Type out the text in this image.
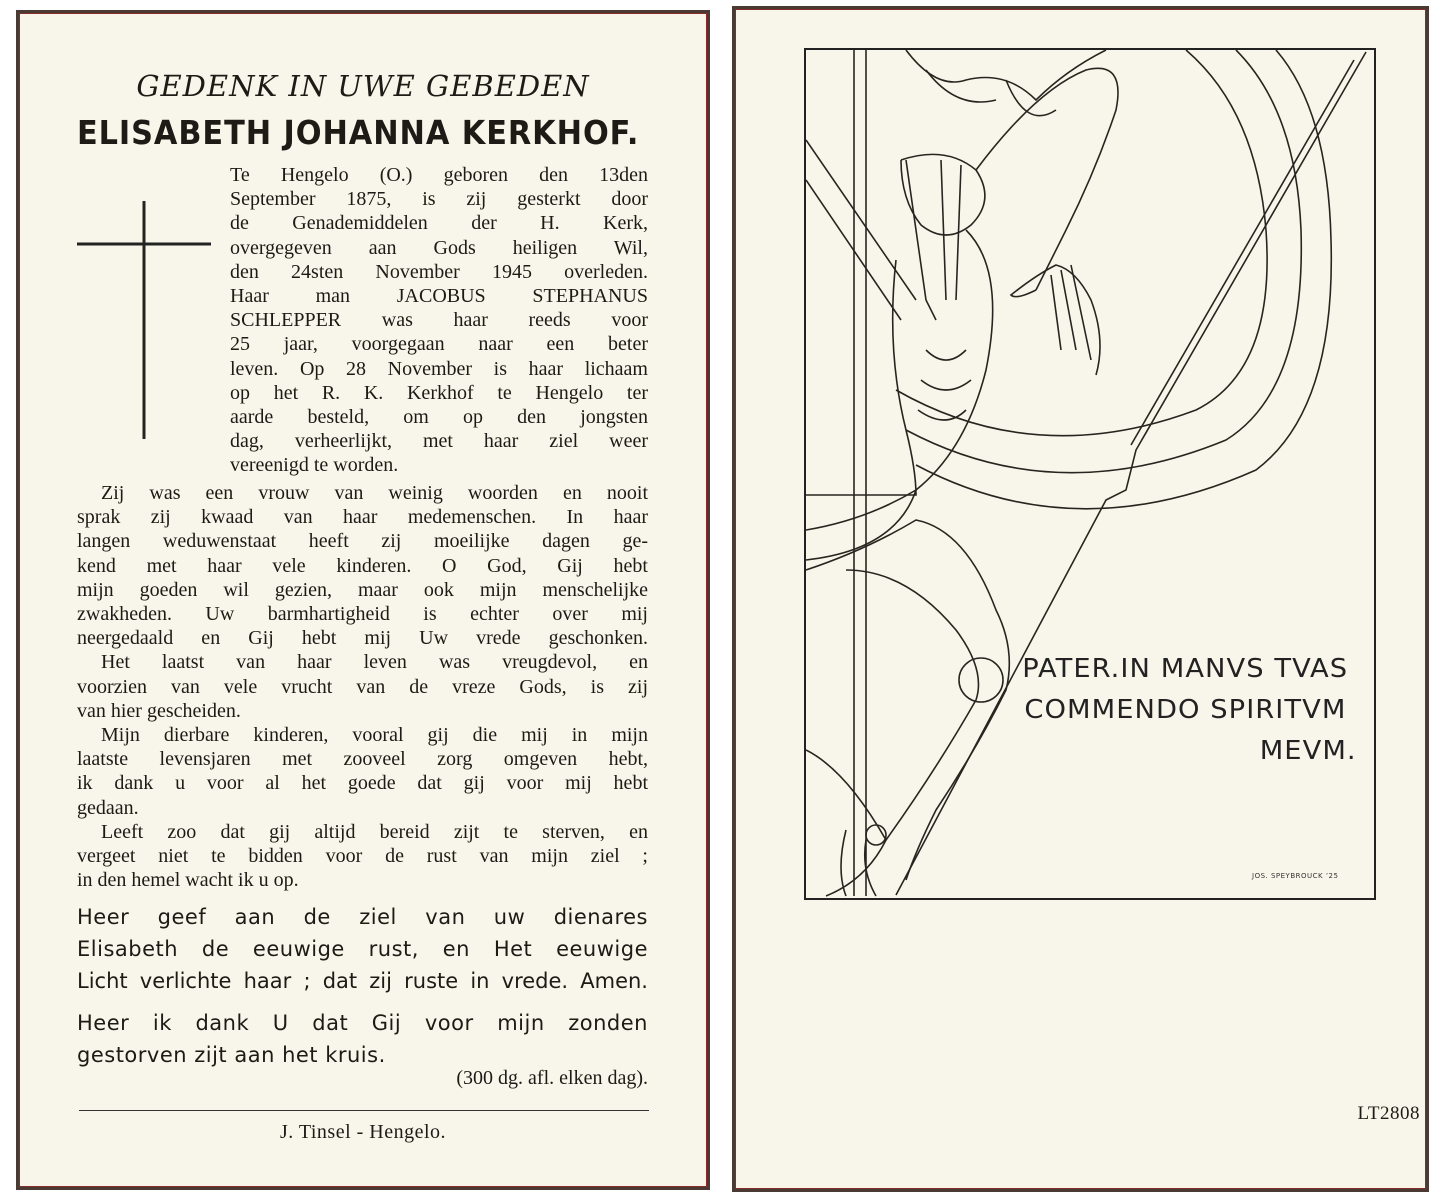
GEDENK IN UWE GEBEDEN
ELISABETH JOHANNA KERKHOF.
Te Hengelo (O.) geboren den 13den
September 1875, is zij gesterkt door
de Genademiddelen der H. Kerk,
overgegeven aan Gods heiligen Wil,
den 24sten November 1945 overleden.
Haar man JACOBUS STEPHANUS
SCHLEPPER was haar reeds voor
25 jaar, voorgegaan naar een beter
leven. Op 28 November is haar lichaam
op het R. K. Kerkhof te Hengelo ter
aarde besteld, om op den jongsten
dag, verheerlijkt, met haar ziel weer
vereenigd te worden.
Zij was een vrouw van weinig woorden en nooit
sprak zij kwaad van haar medemenschen. In haar
langen weduwenstaat heeft zij moeilijke dagen ge-
kend met haar vele kinderen. O God, Gij hebt
mijn goeden wil gezien, maar ook mijn menschelijke
zwakheden. Uw barmhartigheid is echter over mij
neergedaald en Gij hebt mij Uw vrede geschonken.
Het laatst van haar leven was vreugdevol, en
voorzien van vele vrucht van de vreze Gods, is zij
van hier gescheiden.
Mijn dierbare kinderen, vooral gij die mij in mijn
laatste levensjaren met zooveel zorg omgeven hebt,
ik dank u voor al het goede dat gij voor mij hebt
gedaan.
Leeft zoo dat gij altijd bereid zijt te sterven, en
vergeet niet te bidden voor de rust van mijn ziel ;
in den hemel wacht ik u op.
Heer geef aan de ziel van uw dienares
Elisabeth de eeuwige rust, en Het eeuwige
Licht verlichte haar ; dat zij ruste in vrede. Amen.
Heer ik dank U dat Gij voor mijn zonden
gestorven zijt aan het kruis.
(300 dg. afl. elken dag).
J. Tinsel - Hengelo.
PATER.IN MANVS TVAS
COMMENDO SPIRITVM
MEVM.
JOS. SPEYBROUCK ’25
LT2808
